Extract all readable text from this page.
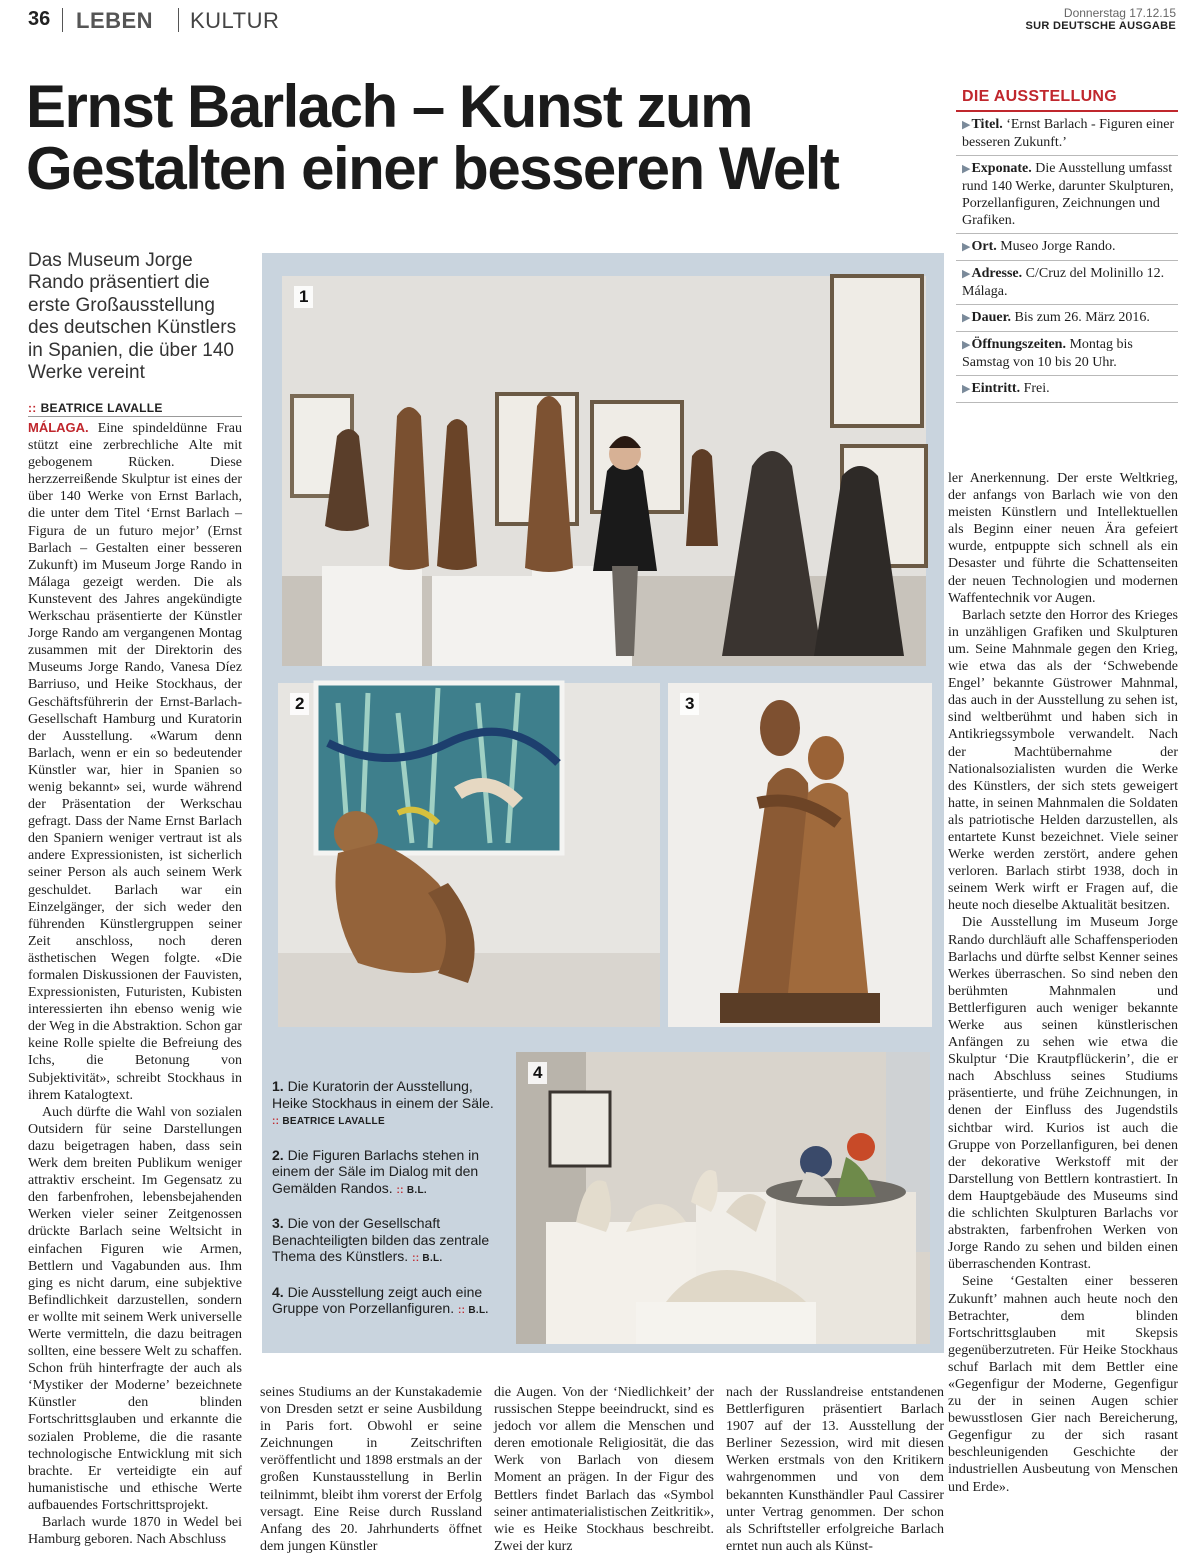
36 LEBEN KULTUR	Donnerstag 17.12.15
SUR DEUTSCHE AUSGABE
Ernst Barlach – Kunst zum Gestalten einer besseren Welt
Das Museum Jorge Rando präsentiert die erste Großausstellung des deutschen Künstlers in Spanien, die über 140 Werke vereint
:: BEATRICE LAVALLE

MÁLAGA. Eine spindeldünne Frau stützt eine zerbrechliche Alte mit gebogenem Rücken. Diese herzzerreißende Skulptur ist eines der über 140 Werke von Ernst Barlach, die unter dem Titel ‘Ernst Barlach – Figura de un futuro mejor’ (Ernst Barlach – Gestalten einer besseren Zukunft) im Museum Jorge Rando in Málaga gezeigt werden. Die als Kunstevent des Jahres angekündigte Werkschau präsentierte der Künstler Jorge Rando am vergangenen Montag zusammen mit der Direktorin des Museums Jorge Rando, Vanesa Díez Barriuso, und Heike Stockhaus, der Geschäftsführerin der Ernst-Barlach-Gesellschaft Hamburg und Kuratorin der Ausstellung. «Warum denn Barlach, wenn er ein so bedeutender Künstler war, hier in Spanien so wenig bekannt» sei, wurde während der Präsentation der Werkschau gefragt. Dass der Name Ernst Barlach den Spaniern weniger vertraut ist als andere Expressionisten, ist sicherlich seiner Person als auch seinem Werk geschuldet. Barlach war ein Einzelgänger, der sich weder den führenden Künstlergruppen seiner Zeit anschloss, noch deren ästhetischen Wegen folgte. «Die formalen Diskussionen der Fauvisten, Expressionisten, Futuristen, Kubisten interessierten ihn ebenso wenig wie der Weg in die Abstraktion. Schon gar keine Rolle spielte die Befreiung des Ichs, die Betonung von Subjektivität», schreibt Stockhaus in ihrem Katalogtext.

Auch dürfte die Wahl von sozialen Outsidern für seine Darstellungen dazu beigetragen haben, dass sein Werk dem breiten Publikum weniger attraktiv erscheint. Im Gegensatz zu den farbenfrohen, lebensbejahenden Werken vieler seiner Zeitgenossen drückte Barlach seine Weltsicht in einfachen Figuren wie Armen, Bettlern und Vagabunden aus. Ihm ging es nicht darum, eine subjektive Befindlichkeit darzustellen, sondern er wollte mit seinem Werk universelle Werte vermitteln, die dazu beitragen sollten, eine bessere Welt zu schaffen. Schon früh hinterfragte der auch als ‘Mystiker der Moderne’ bezeichnete Künstler den blinden Fortschrittsglauben und erkannte die sozialen Probleme, die die rasante technologische Entwicklung mit sich brachte. Er verteidigte ein auf humanistische und ethische Werte aufbauendes Fortschrittsprojekt.

Barlach wurde 1870 in Wedel bei Hamburg geboren. Nach Abschluss

1
2	3
4
1. Die Kuratorin der Ausstellung, Heike Stockhaus in einem der Säle. :: BEATRICE LAVALLE
2. Die Figuren Barlachs stehen in einem der Säle im Dialog mit den Gemälden Randos. :: B.L.
3. Die von der Gesellschaft Benachteiligten bilden das zentrale Thema des Künstlers. :: B.L.
4. Die Ausstellung zeigt auch eine Gruppe von Porzellanfiguren. :: B.L.

seines Studiums an der Kunstakademie von Dresden setzt er seine Ausbildung in Paris fort. Obwohl er seine Zeichnungen in Zeitschriften veröffentlicht und 1898 erstmals an der großen Kunstausstellung in Berlin teilnimmt, bleibt ihm vorerst der Erfolg versagt. Eine Reise durch Russland Anfang des 20. Jahrhunderts öffnet dem jungen Künstler

die Augen. Von der ‘Niedlichkeit’ der russischen Steppe beeindruckt, sind es jedoch vor allem die Menschen und deren emotionale Religiosität, die das Werk von Barlach von diesem Moment an prägen. In der Figur des Bettlers findet Barlach das «Symbol seiner antimaterialistischen Zeitkritik», wie es Heike Stockhaus beschreibt. Zwei der kurz

nach der Russlandreise entstandenen Bettlerfiguren präsentiert Barlach 1907 auf der 13. Ausstellung der Berliner Sezession, wird mit diesen Werken erstmals von den Kritikern wahrgenommen und von dem bekannten Kunsthändler Paul Cassirer unter Vertrag genommen. Der schon als Schriftsteller erfolgreiche Barlach erntet nun auch als Künst-

ler Anerkennung. Der erste Weltkrieg, der anfangs von Barlach wie von den meisten Künstlern und Intellektuellen als Beginn einer neuen Ära gefeiert wurde, entpuppte sich schnell als ein Desaster und führte die Schattenseiten der neuen Technologien und modernen Waffentechnik vor Augen.

Barlach setzte den Horror des Krieges in unzähligen Grafiken und Skulpturen um. Seine Mahnmale gegen den Krieg, wie etwa das als der ‘Schwebende Engel’ bekannte Güstrower Mahnmal, das auch in der Ausstellung zu sehen ist, sind weltberühmt und haben sich in Antikriegssymbole verwandelt. Nach der Machtübernahme der Nationalsozialisten wurden die Werke des Künstlers, der sich stets geweigert hatte, in seinen Mahnmalen die Soldaten als patriotische Helden darzustellen, als entartete Kunst bezeichnet. Viele seiner Werke werden zerstört, andere gehen verloren. Barlach stirbt 1938, doch in seinem Werk wirft er Fragen auf, die heute noch dieselbe Aktualität besitzen.

Die Ausstellung im Museum Jorge Rando durchläuft alle Schaffensperioden Barlachs und dürfte selbst Kenner seines Werkes überraschen. So sind neben den berühmten Mahnmalen und Bettlerfiguren auch weniger bekannte Werke aus seinen künstlerischen Anfängen zu sehen wie etwa die Skulptur ‘Die Krautpflückerin’, die er nach Abschluss seines Studiums präsentierte, und frühe Zeichnungen, in denen der Einfluss des Jugendstils sichtbar wird. Kurios ist auch die Gruppe von Porzellanfiguren, bei denen der dekorative Werkstoff mit der Darstellung von Bettlern kontrastiert. In dem Hauptgebäude des Museums sind die schlichten Skulpturen Barlachs vor abstrakten, farbenfrohen Werken von Jorge Rando zu sehen und bilden einen überraschenden Kontrast.

Seine ‘Gestalten einer besseren Zukunft’ mahnen auch heute noch den Betrachter, dem blinden Fortschrittsglauben mit Skepsis gegenüberzutreten. Für Heike Stockhaus schuf Barlach mit dem Bettler eine «Gegenfigur der Moderne, Gegenfigur zu der in seinen Augen schier bewusstlosen Gier nach Bereicherung, Gegenfigur zu der sich rasant beschleunigenden Geschichte der industriellen Ausbeutung von Menschen und Erde».

DIE AUSSTELLUNG
▶Titel. ‘Ernst Barlach - Figuren einer besseren Zukunft.’
▶Exponate. Die Ausstellung umfasst rund 140 Werke, darunter Skulpturen, Porzellanfiguren, Zeichnungen und Grafiken.
▶Ort. Museo Jorge Rando.
▶Adresse. C/Cruz del Molinillo 12. Málaga.
▶Dauer. Bis zum 26. März 2016.
▶Öffnungszeiten. Montag bis Samstag von 10 bis 20 Uhr.
▶Eintritt. Frei.
